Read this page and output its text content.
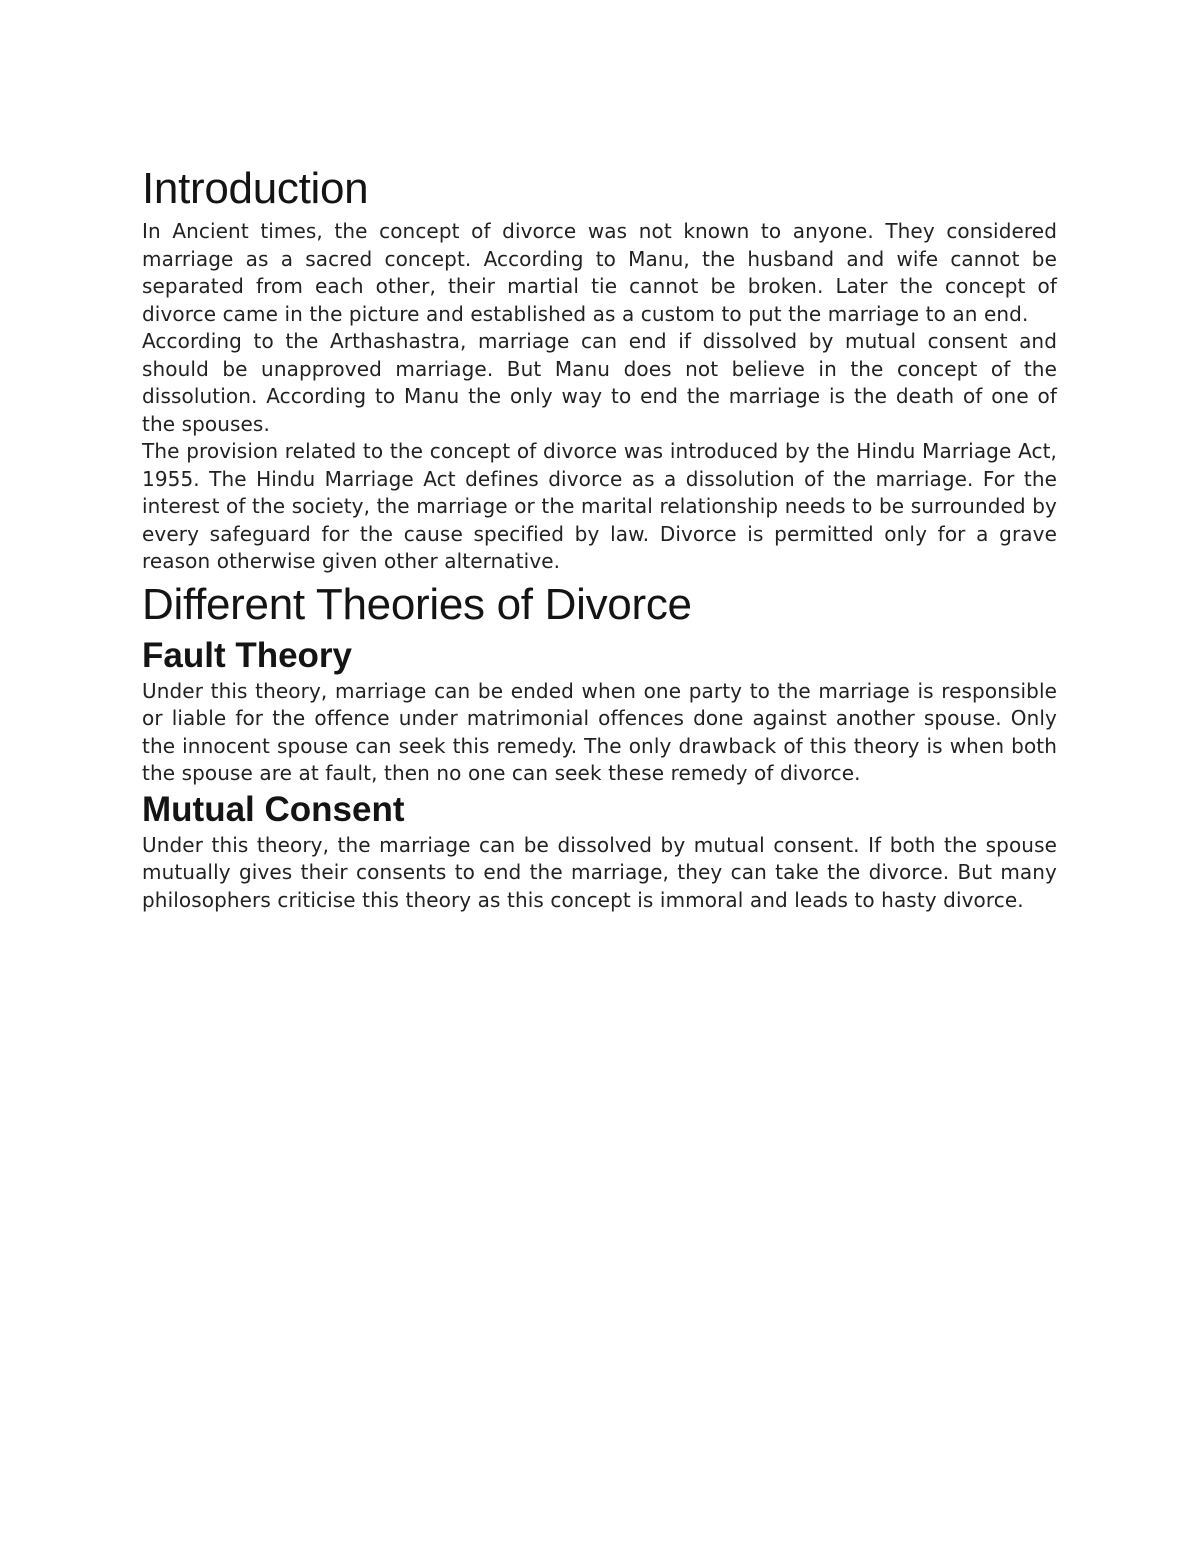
Introduction

In Ancient times, the concept of divorce was not known to anyone. They considered marriage as a sacred concept. According to Manu, the husband and wife cannot be separated from each other, their martial tie cannot be broken. Later the concept of divorce came in the picture and established as a custom to put the marriage to an end.

According to the Arthashastra, marriage can end if dissolved by mutual consent and should be unapproved marriage. But Manu does not believe in the concept of the dissolution. According to Manu the only way to end the marriage is the death of one of the spouses.

The provision related to the concept of divorce was introduced by the Hindu Marriage Act, 1955. The Hindu Marriage Act defines divorce as a dissolution of the marriage. For the interest of the society, the marriage or the marital relationship needs to be surrounded by every safeguard for the cause specified by law. Divorce is permitted only for a grave reason otherwise given other alternative.

Different Theories of Divorce
Fault Theory

Under this theory, marriage can be ended when one party to the marriage is responsible or liable for the offence under matrimonial offences done against another spouse. Only the innocent spouse can seek this remedy. The only drawback of this theory is when both the spouse are at fault, then no one can seek these remedy of divorce.

Mutual Consent

Under this theory, the marriage can be dissolved by mutual consent. If both the spouse mutually gives their consents to end the marriage, they can take the divorce. But many philosophers criticise this theory as this concept is immoral and leads to hasty divorce.
